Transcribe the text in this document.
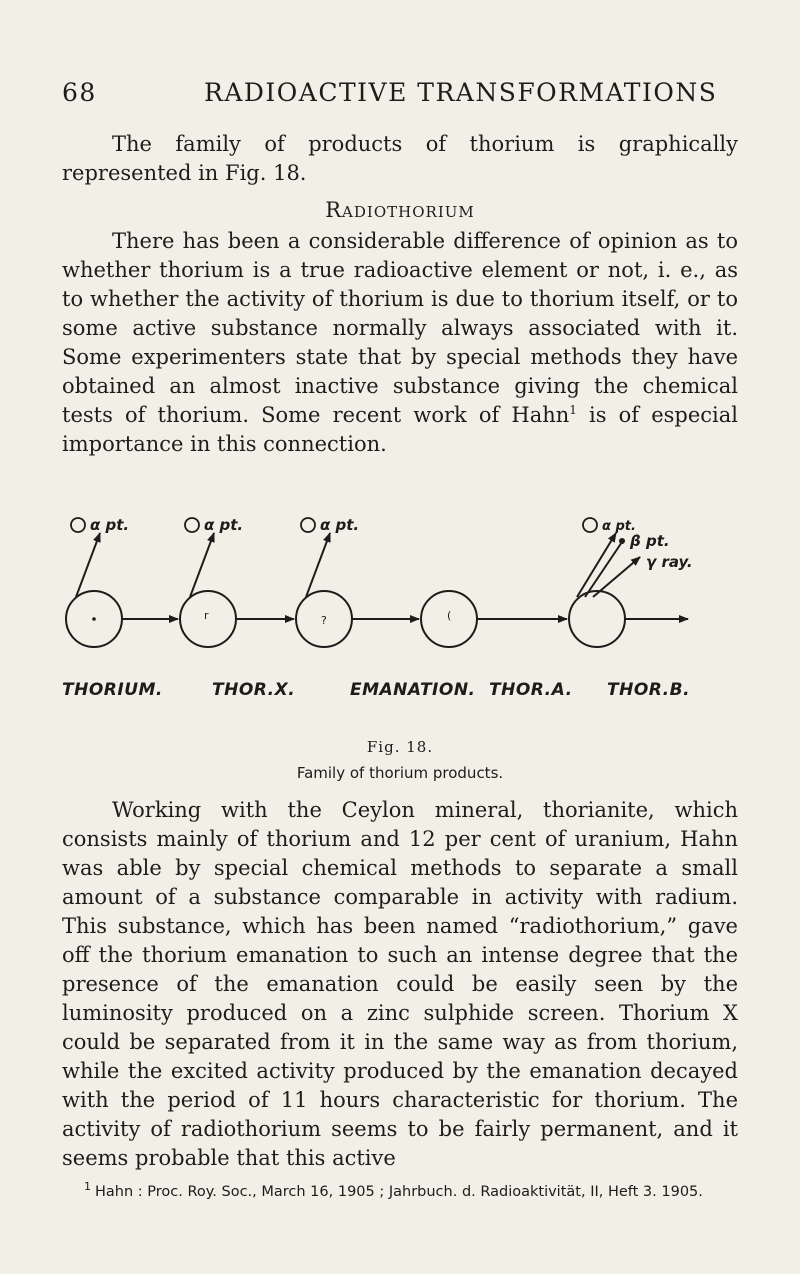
68	RADIOACTIVE TRANSFORMATIONS

The family of products of thorium is graphically represented in Fig. 18.

Radiothorium

There has been a considerable difference of opinion as to whether thorium is a true radioactive element or not, i. e., as to whether the activity of thorium is due to thorium itself, or to some active substance normally always associated with it. Some experimenters state that by special methods they have obtained an almost inactive substance giving the chemical tests of thorium. Some recent work of Hahn$^1$ is of especial importance in this connection.

r	?	(
α pt.	α pt.	α pt.	α pt.
β pt.
γ ray.
THORIUM.	THOR.X.	EMANATION. THOR.A. THOR.B.
Fig. 18.
Family of thorium products.

Working with the Ceylon mineral, thorianite, which consists mainly of thorium and 12 per cent of uranium, Hahn was able by special chemical methods to separate a small amount of a substance comparable in activity with radium. This substance, which has been named “radiothorium,” gave off the thorium emanation to such an intense degree that the presence of the emanation could be easily seen by the luminosity produced on a zinc sulphide screen. Thorium X could be separated from it in the same way as from thorium, while the excited activity produced by the emanation decayed with the period of 11 hours characteristic for thorium. The activity of radiothorium seems to be fairly permanent, and it seems probable that this active

$^1$ Hahn : Proc. Roy. Soc., March 16, 1905 ; Jahrbuch. d. Radioaktivität, II, Heft 3. 1905.
